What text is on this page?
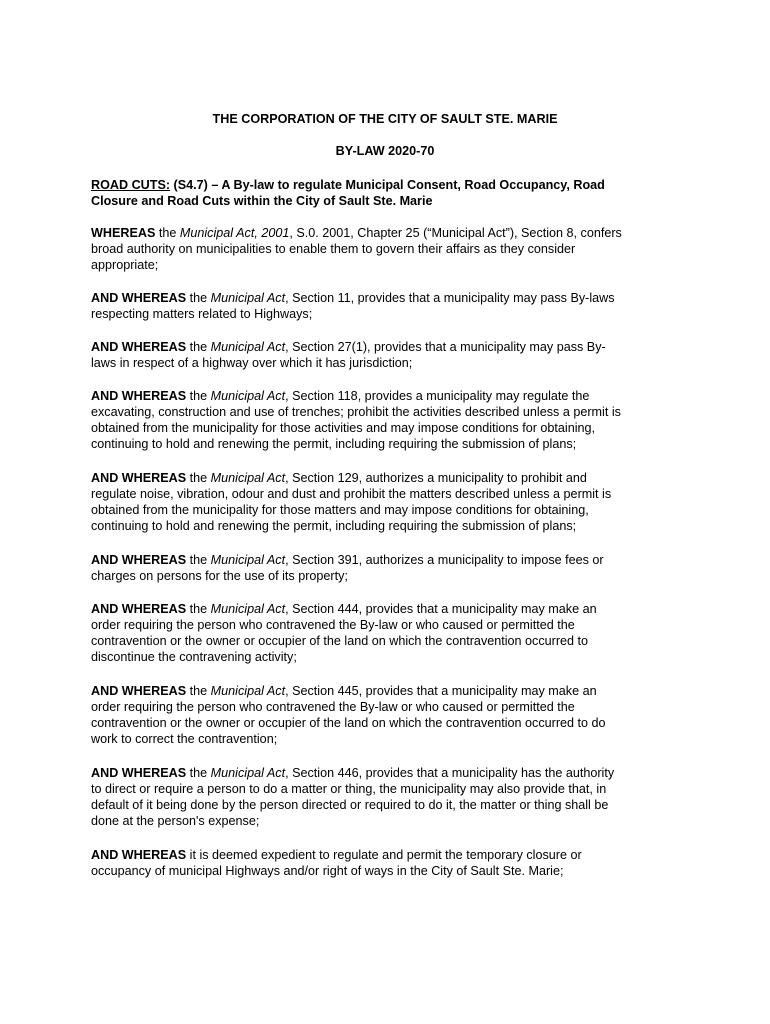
THE CORPORATION OF THE CITY OF SAULT STE. MARIE
BY-LAW 2020-70
ROAD CUTS: (S4.7) – A By-law to regulate Municipal Consent, Road Occupancy, Road
Closure and Road Cuts within the City of Sault Ste. Marie
WHEREAS the Municipal Act, 2001, S.0. 2001, Chapter 25 (“Municipal Act”), Section 8, confers
broad authority on municipalities to enable them to govern their affairs as they consider
appropriate;
AND WHEREAS the Municipal Act, Section 11, provides that a municipality may pass By-laws
respecting matters related to Highways;
AND WHEREAS the Municipal Act, Section 27(1), provides that a municipality may pass By-
laws in respect of a highway over which it has jurisdiction;
AND WHEREAS the Municipal Act, Section 118, provides a municipality may regulate the
excavating, construction and use of trenches; prohibit the activities described unless a permit is
obtained from the municipality for those activities and may impose conditions for obtaining,
continuing to hold and renewing the permit, including requiring the submission of plans;
AND WHEREAS the Municipal Act, Section 129, authorizes a municipality to prohibit and
regulate noise, vibration, odour and dust and prohibit the matters described unless a permit is
obtained from the municipality for those matters and may impose conditions for obtaining,
continuing to hold and renewing the permit, including requiring the submission of plans;
AND WHEREAS the Municipal Act, Section 391, authorizes a municipality to impose fees or
charges on persons for the use of its property;
AND WHEREAS the Municipal Act, Section 444, provides that a municipality may make an
order requiring the person who contravened the By-law or who caused or permitted the
contravention or the owner or occupier of the land on which the contravention occurred to
discontinue the contravening activity;
AND WHEREAS the Municipal Act, Section 445, provides that a municipality may make an
order requiring the person who contravened the By-law or who caused or permitted the
contravention or the owner or occupier of the land on which the contravention occurred to do
work to correct the contravention;
AND WHEREAS the Municipal Act, Section 446, provides that a municipality has the authority
to direct or require a person to do a matter or thing, the municipality may also provide that, in
default of it being done by the person directed or required to do it, the matter or thing shall be
done at the person's expense;
AND WHEREAS it is deemed expedient to regulate and permit the temporary closure or
occupancy of municipal Highways and/or right of ways in the City of Sault Ste. Marie;
